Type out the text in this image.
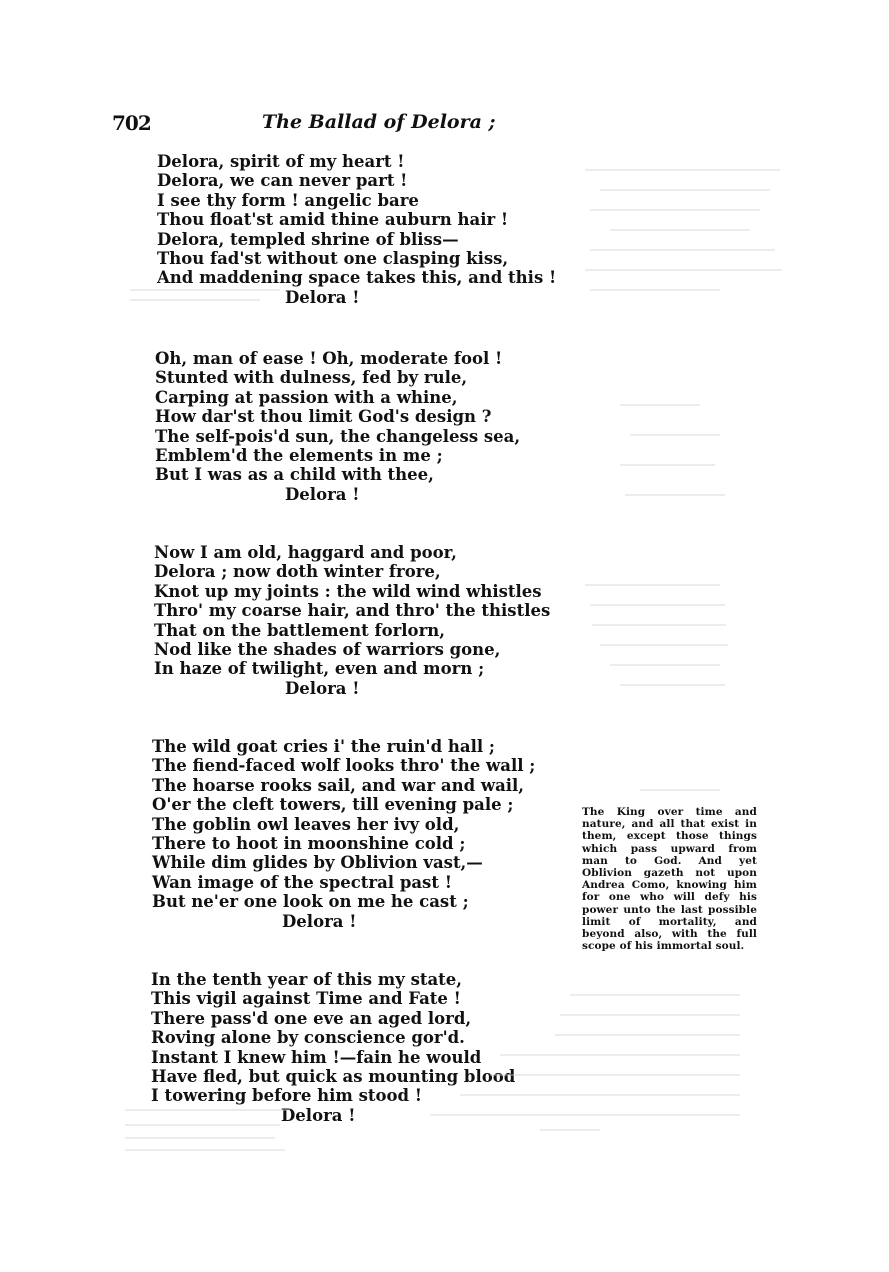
702	The Ballad of Delora ;
Delora, spirit of my heart !
Delora, we can never part !
I see thy form ! angelic bare
Thou float'st amid thine auburn hair !
Delora, templed shrine of bliss—
Thou fad'st without one clasping kiss,
And maddening space takes this, and this !
Delora !
Oh, man of ease ! Oh, moderate fool !
Stunted with dulness, fed by rule,
Carping at passion with a whine,
How dar'st thou limit God's design ?
The self-pois'd sun, the changeless sea,
Emblem'd the elements in me ;
But I was as a child with thee,
Delora !
Now I am old, haggard and poor,
Delora ; now doth winter frore,
Knot up my joints : the wild wind whistles
Thro' my coarse hair, and thro' the thistles
That on the battlement forlorn,
Nod like the shades of warriors gone,
In haze of twilight, even and morn ;
Delora !
The wild goat cries i' the ruin'd hall ;
The fiend-faced wolf looks thro' the wall ;
The hoarse rooks sail, and war and wail,
O'er the cleft towers, till evening pale ;
The goblin owl leaves her ivy old,
There to hoot in moonshine cold ;
While dim glides by Oblivion vast,—
Wan image of the spectral past !
But ne'er one look on me he cast ;
Delora !
In the tenth year of this my state,
This vigil against Time and Fate !
There pass'd one eve an aged lord,
Roving alone by conscience gor'd.
Instant I knew him !—fain he would
Have fled, but quick as mounting blood
I towering before him stood !
Delora !
The King over time and nature, and all that exist in them, except those things which pass upward from man to God. And yet Oblivion gazeth not upon Andrea Como, knowing him for one who will defy his power unto the last possible limit of mortality, and beyond also, with the full scope of his immortal soul.
